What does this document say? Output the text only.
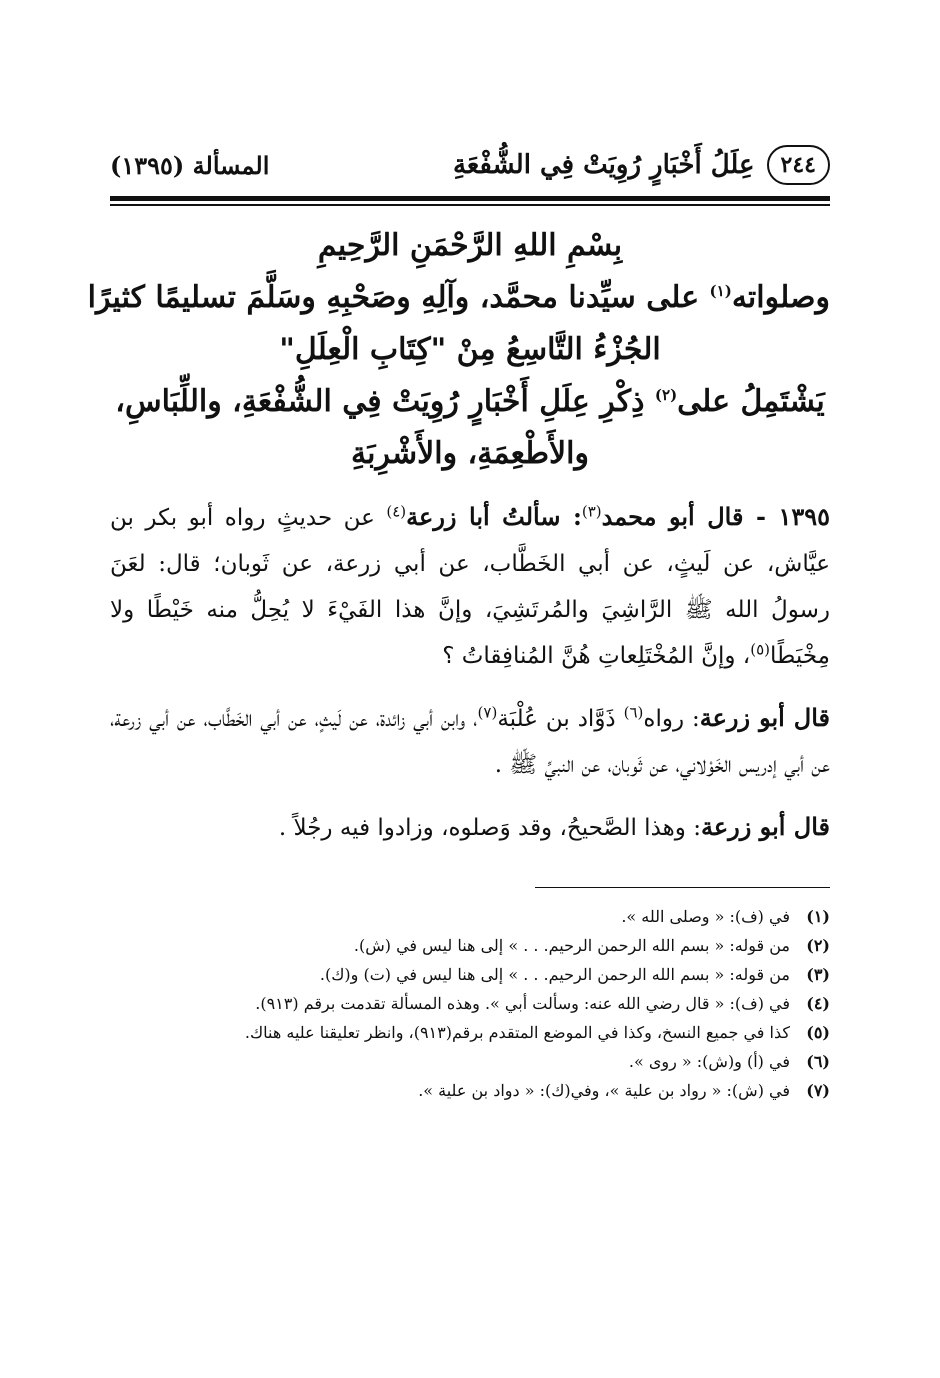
٢٤٤
عِلَلُ أَخْبَارٍ رُوِيَتْ فِي الشُّفْعَةِ
المسألة (١٣٩٥)
بِسْمِ اللهِ الرَّحْمَنِ الرَّحِيمِ
وصلواته$^{(١)}$ على سيِّدنا محمَّد، وآلِهِ وصَحْبِهِ وسَلَّمَ تسليمًا كثيرًا
الجُزْءُ التَّاسِعُ مِنْ "كِتَابِ الْعِلَلِ"
يَشْتَمِلُ على$^{(٢)}$ ذِكْرِ عِلَلِ أَخْبَارٍ رُوِيَتْ فِي الشُّفْعَةِ، واللِّبَاسِ،
والأَطْعِمَةِ، والأَشْرِبَةِ

١٣٩٥ - قال أبو محمد$^{(٣)}$: سألتُ أبا زرعة$^{(٤)}$ عن حديثٍ رواه أبو بكر بن عيَّاش، عن لَيثٍ، عن أبي الخَطَّاب، عن أبي زرعة، عن ثَوبان؛ قال: لعَنَ رسولُ الله ﷺ الرَّاشِيَ والمُرتَشِيَ، وإنَّ هذا الفَيْءَ لا يُحِلُّ منه خَيْطًا ولا مِخْيَطًا$^{(٥)}$، وإنَّ المُخْتَلِعاتِ هُنَّ المُنافِقاتُ ؟

قال أبو زرعة: رواه$^{(٦)}$ ذَوَّاد بن عُلْبَة$^{(٧)}$، وابن أبي زائدة، عن لَيثٍ، عن أبي الخَطَّاب، عن أبي زرعة، عن أبي إدريس الخَوْلاني، عن ثَوبان، عن النبيِّ ﷺ .

قال أبو زرعة: وهذا الصَّحيحُ، وقد وَصلوه، وزادوا فيه رجُلاً .

(١)
في (ف): « وصلى الله ».
(٢)
من قوله: « بسم الله الرحمن الرحيم. . . » إلى هنا ليس في (ش).
(٣)
من قوله: « بسم الله الرحمن الرحيم. . . » إلى هنا ليس في (ت) و(ك).
(٤)
في (ف): « قال رضي الله عنه: وسألت أبي ». وهذه المسألة تقدمت برقم (٩١٣).
(٥)
كذا في جميع النسخ، وكذا في الموضع المتقدم برقم(٩١٣)، وانظر تعليقنا عليه هناك.
(٦)
في (أ) و(ش): « روى ».
(٧)
في (ش): « رواد بن علية »، وفي(ك): « دواد بن علية ».
